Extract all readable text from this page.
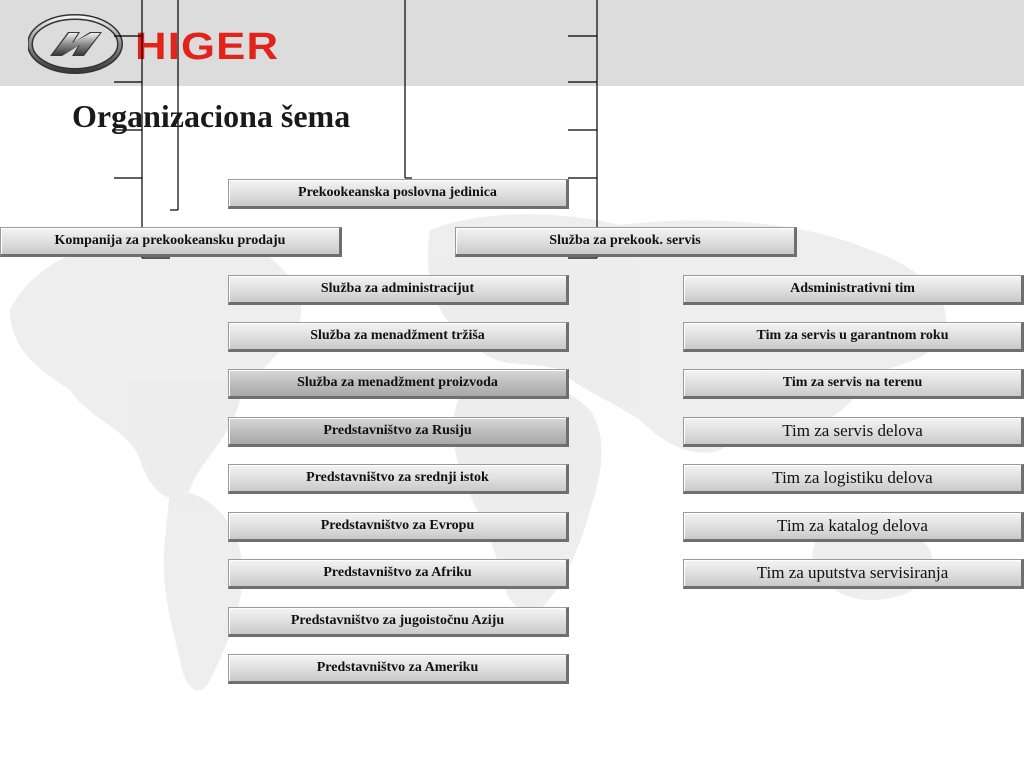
HIGER
Organizaciona šema
Prekookeanska poslovna jedinica
Kompanija za prekookeansku prodaju	Služba za prekook. servis
Služba za administracijut
Služba za menadžment tržiša
Služba za menadžment proizvoda
Predstavništvo za Rusiju
Predstavništvo za srednji istok
Predstavništvo za Evropu
Predstavništvo za Afriku
Predstavništvo za jugoistočnu Aziju
Predstavništvo za Ameriku
Adsministrativni tim
Tim za servis u garantnom roku
Tim za servis na terenu
Tim za servis delova
Tim za logistiku delova
Tim za katalog delova
Tim za uputstva servisiranja
